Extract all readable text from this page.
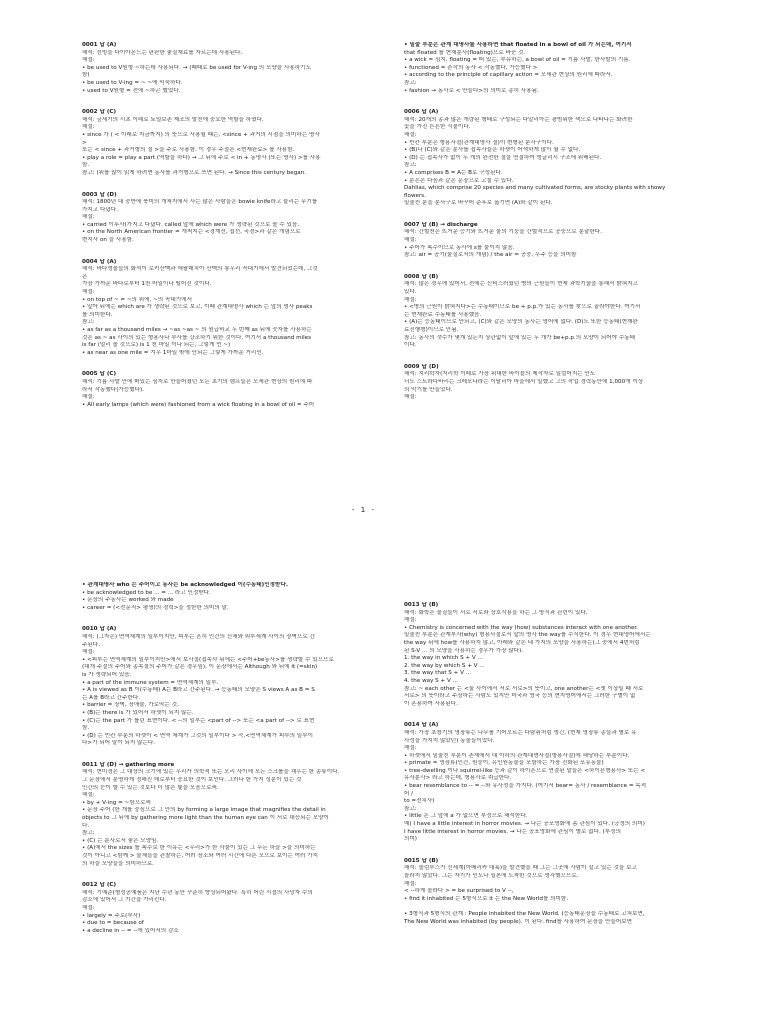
0001 답 (A)
해석: 선빙을 다이아몬드는 판판한 좋질재료를 자르는데 사용된다.
해설:
• be used to V원형 ~하는데 사용되다. → (때때로 be used for V-ing 의 모양을 사용하기도
함)
• be used to V-ing = ~ ~에 익숙하다.
• used to V원형 = 전에 ~하곤 했었다.
0002 답 (C)
해석: 금세기의 시초 이래로 토털보존 제조의 발전에 중요한 역할을 하였다.
해설:
• since 가 ( < 이래로 지금까지) 의 뜻으로 사용될 때는, <since + 과거의 시점을 의미하는 명사
>
또는 < since + 과거형의 절 >을 주로 사용함. 이 경우 주절은 <현재완료> 를 사용함.
• play a role = play a part (역할을 하다) → 그 뒤에 주로 < in + 동명사 (또는 명사) >를 사용
함.
참고: (위를 많이 읽게 하려면 동사를 과거형으로 쓰면 된다. → Since this century began.
0003 답 (D)
해석: 1800년 대 중반에 북미의 개척지에서 사는 많은 사람들은 bowie knife라고 불리는 무기를
가지고 다녔다.
해설:
• carried 이후사(가지고 다녔다. called 앞에 which were 가 생략된 것으로 볼 수 있음.
• on the North American frontier = 개척지는 <경계선, 접선, 국경>과 같은 개념으로
변지사 on 을 사용함.
0004 답 (A)
해석: 바다생물들의 화석이 로키산맥과 애팔래치아 산맥의 봉우리 꼭대기에서 발견되었는데, 그것
은
가장 가까운 바다로부터 1천 마일이나 떨어진 것이다.
해설:
• on top of ~ = ~의 위에, ~의 꼭대기에서
• 앞아 뒤에는 which are 가 생략된 것으로 보고, 이때 관계대명사 which 는 앞의 명사 peaks
를 의미한다.
참고:
• as far as a thousand miles → ~as ~as ~ 의 원급비교 두 번째 as 뒤에 숫자를 사용하는
것은 as ~ as 사이의 있는 형용사나 부사를 강조하기 위한 것이다. 여기서 a thousand miles
is far (멀리 볼 것으로) is 1 천 마일 이나 되는, 그렇게 먼 ~)
• as near as one mile = 겨우 1마일 밖에 안되는 그렇게 가까운 거리인.
0005 답 (C)
해석: 기름 사발 안에 떠있는 심지로 만들어졌던 모든 초기의 램프들은 모세관 현상의 원리에 따
라서 작동했다(가능했다).
해설:
• All early lamps (which were) fashioned from a wick floating in a bowl of oil = 주어
• 밑줄 부분은 관계 대명사를 사용하면 that floated in a bowl of oil 가 되는데, 여기서
that floated 를 현재분사(floating)으로 바꾼 것.
• a wick = 심지, floating = 떠 있는, 부유하는, a bowl of oil = 기름 사발, 한사발의 기름.
• functioned = 존작의 동사 < 작동했다, 가능했다 >
• according to the principle of capillary action = 모세관 현상의 원리에 따라서.
참고:
• fashion → 동사로 < 만들다>의 의미로 종히 사용됨.
0006 답 (A)
해석: 20개의 종과 많은 개량된 형태로 구성되는 다알리아는 광범위한 색으로 나타나는 화려한
꽃을 가진 튼튼한 식물이다.
해설:
• 빈칸 부분은 형용사절(관계대명사 절)이 변형된 분사구이다.
• (B)나 (C)와 같은 분사를 접속사들은 하셋이 어색하게 많이 될 수 없다.
• (D) 는 접속사가 없이 두 개의 완전한 절을 연결하여 앵글리시 구조에 위배된다.
참고:
• A comprises B = A는 B로 구성된다.
• 분은은 다음과 같은 문장으로 고칠 수 있다.
Dahlias, which comprise 20 species and many cultivated forms, are stocky plants with showy
flowers.
밑줄친 분을 분사구로 바꾸어 준후로 옮기면 (A)와 같이 된다.
0007 답 (B) → discharge
해석: 간헐천은 뜨거운 증기와 뜨거운 물의 기둥을 간헐적으로 공중으로 분출한다.
해설:
• 주어가 복수이므로 동사에 s를 붙이지 않음.
참고: air = 공기(물질로서의 개념) / the air = 공중, 우주 등을 의미함
0008 답 (B)
해석: 많은 경우에 있어서, 전에는 신비스러웠던 병의 근원들이 현재 과학기술을 통해서 밝혀지고
있다.
해설:
• <병의 근원이 밝혀지다>는 수동태이므로 be + p.p.가 있는 동사를 찾으로 골라야한다. 여기서
는 현재완료 수동태를 사용했음.
• (A)는 능동태이므로 안되고, (C)와 같은 모양의 동사는 영어에 없다. (D)도 또한 능동태(현재완
료진행형)이므로 안됨.
참고: 동사의 갯수가 몇개 있든지 상관없이 앞에 있는 두 개가 be+p.p.의 모양이 되어야 수동태
이다.
0009 답 (D)
해석: 지리학자(지리학 이래로 가장 위대한 바이블의 제작자로 일컬어지는 안도
너도 스트라다바리는 크레모나라는 이탈리아 마을에서 일했고 그의 작업 경력동안에 1,000개 이상
의 악기를 만들었다.
해설:
- 1 -
• 관계대명사 who 는 주어이고 동사는 be acknowledged 이(수동태)인정받다.
• be acknowledged to be ... = ... 라고 인정받다.
• 문장의 주동사는 worked 와 made
• career = (<전문직> 평생)의 경력>을 정한한 의미의 말.
0010 답 (A)
해석: (그자손) 면역체계의 일부이지만, 피부는 흔히 인간의 신체와 외부세계 사이의 장벽으로 간
주된다.
해설:
• <피부는 면역체계의 일부이지만>에서 보사절(접속사 뒤에는 <주어+be동사>를 생략할 수 있으므로
(대개 주절의 주어와 종속절의 주어가 같은 경우임), 이 문장에서는 Although 와 뒤에 it (=skin)
is 가 생략되어 있음.
• a part of the immune system = 면역체계의 일부.
• A is viewed as B 이(수동태) A는 B라고 간주된다. → 능동태의 모양은 S views A as B = S
는 A를 B라고 간주한다.
• barrier = 장벽, 장애물, 가로막는 것.
• (B)는 there is 가 있어서 하셋이 되지 않는.
• (C)는 the part 가 틀린 표현이다. < --의 일부는 <part of --> 또는 <a part of --> 로 표현
함.
• (D) 는 빈칸 부분의 하셋이 < 면역 체계가 그것의 일부이다 > 즉,<면역체계가 피부의 일부이
다>가 되어 말이 되지 않는다.
0011 답 (D) → gathering more
해석: 현미경은 그 대상의 크기에 있는 우리가 의학적 또는 오리 사이에 모든 스크롤을 채우는 한 종류이다.
그 문장에서 분명하게 정해진 데로부터 중요한 것이 보인다. 그러나 한 가지 성분이 있는 것
인간의 눈이 할 수 있는 것보다 더 많은 빛을 모음으로써.
해설:
• by + V-ing = ~함으로써
• 문장 주어 (한 개를 중심으로 그 안의 by forming a large image that magnifies the detail in
objects to 그 뒤에 by gathering more light than the human eye can 이 서로 대응되는 모양이
다.
참고:
• (C) 는 분사로서 좋은 모양임.
• (A)에서 the sizes 를 복수로 한 이유는 <우리>가 한 사물이 있는 그 무든 하늘 >을 의미하는
것이 아니고 <함께 > 물체들을 관찰하는, 여러 장소와 여러 시간에 다른 모으로 보이는 여러 가지
의 하늘 모양들을 의미하므로.
0012 답 (C)
해석: 기예준(형성공예품은 지난 수년 동안 꾸준히 향상되어왔다. 특히 어린 시절의 사망자 수의
감소에 있어서 그 기간을 가리킨다.
해설:
• largely = 주로(부사)
• due to = because of
• a decline in -- = --에 있어서의 감소
0013 답 (B)
해석: 화학은 물질들이 서로 서로와 상호작용을 하는 그 방식과 관련이 있다.
해설:
• Chemistry is concerned with the way (how) substances interact with one another.
밑줄친 부분은 관계부사(why) 형용사절로서 앞의 명사 the way를 수식한다. 이 경우 현대영어에서는
the way 뒤에 how를 사용하지 않고, 아래와 같은 네 가지의 모양을 사용하는(그 중에서 4번처럼
된 S-V ... 의 모양을 사용하는 경우가 가장 많다).
1. the way in which S + V ...
2. the way by which S + V ...
3. the way that S + V ...
4. the way S + V ...
참고: ~ each other 는 <둘 사이에서 서로 서로>의 뜻이고, one another는 <셋 이상일 때 서로
서로> 의 뜻이라고 주장하는 사람도 있지만 미국과 영국 등의 현지영어에서는 그러한 구별이 없
이 혼용하여 사용된다.
0014 답 (A)
해석: 가장 초창기의 영장류는 나무를 기어오르는 다람쥐처럼 생긴, (현재 영장류 종들과 별로 유
사성을 가지지 않았던) 동물들이었다.
해설:
• 하셋에서 밑줄친 부분이 존재에서 대 이하의 관계대명사절(형용사절)에 해당하는 부분이다.
• primate = 영장류(인간, 원숭이, 유인원동물을 포함하는 가장 진화된 포유동물)
• tree-dwelling 이나 squirrel-like 등과 같이 하이픈으로 연결된 말들은 <하이픈형용사> 또는 <
유사분사> 라고 하는데, 형용사로 취급한다.
• bear resemblance to -- = --와 유사성을 가지다. (여기서 bear= 동사 / resemblance = 목적
어 /
to =전치사)
참고:
• little 은 그 앞에 a 가 없으면 부정으로 해석한다.
예) I have a little interest in horror movies. → 나는 공포영화에 좀 관심이 있다. (긍정의 의미)
I have little interest in horror movies. → 나는 공포영화에 관심이 별로 없다. (부정의
의미)
0015 답 (B)
해석: 콜럼부스가 신세계(아메리카 대륙)을 발견했을 때 그는 그곳에 사람이 살고 있는 것을 보고
놀라지 않았다. 그는 자기가 인도나 일본에 도착한 것으로 생각했으므로.
해설:
< --하게 놀라다 > = be surprised to V --,
• find it inhabited 는 5형식으로 it 는 the New World를 의미함.

• 3형식과 5형식의 관계 : People inhabited the New World. (능동태문장을 수동태로 고쳐보면,
The New World was inhabited (by people). 이 된다. find를 사용하여 문장을 만들어보면
